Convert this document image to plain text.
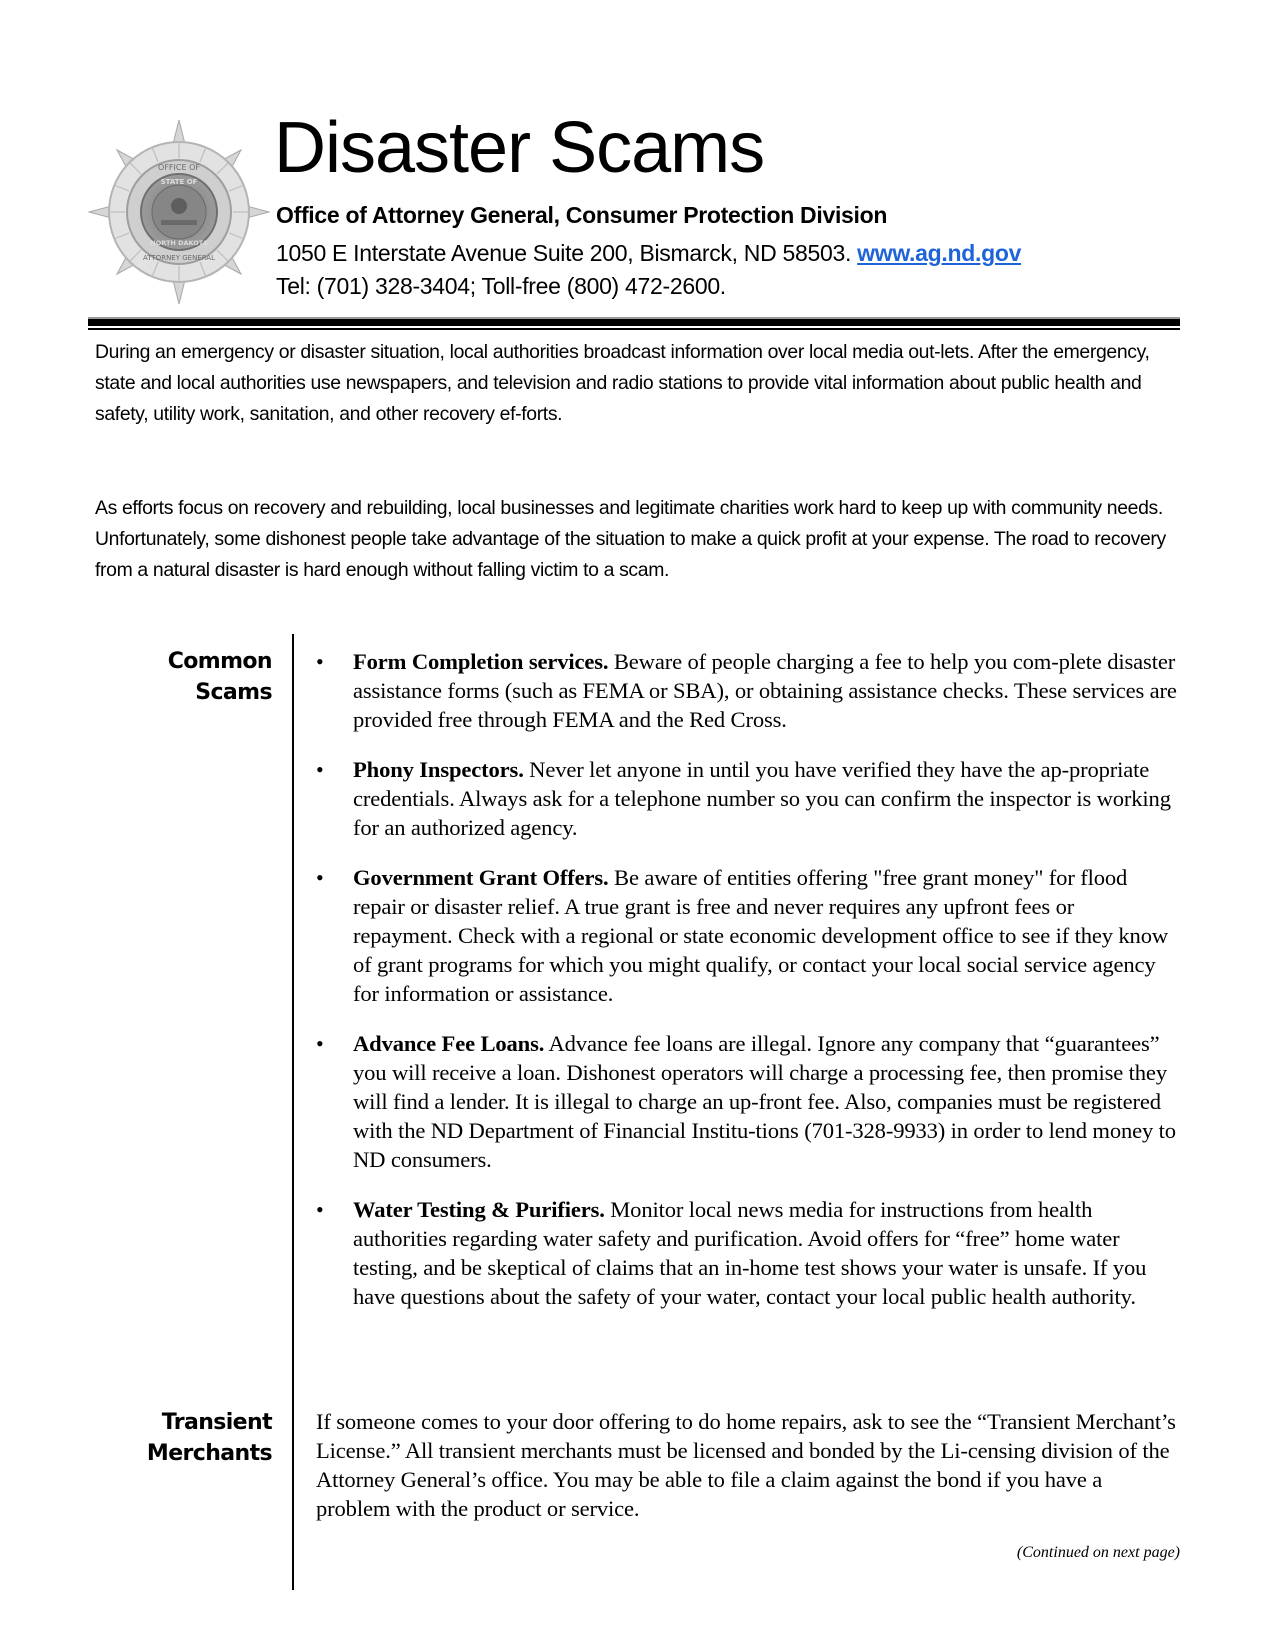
OFFICE OF
STATE OF
NORTH DAKOTA
ATTORNEY GENERAL
Disaster Scams
Office of Attorney General, Consumer Protection Division
1050 E Interstate Avenue Suite 200, Bismarck, ND 58503. www.ag.nd.gov
Tel: (701) 328-3404; Toll-free (800) 472-2600.

During an emergency or disaster situation, local authorities broadcast information over local media out-lets. After the emergency, state and local authorities use newspapers, and television and radio stations to provide vital information about public health and safety, utility work, sanitation, and other recovery ef-forts.

As efforts focus on recovery and rebuilding, local businesses and legitimate charities work hard to keep up with community needs. Unfortunately, some dishonest people take advantage of the situation to make a quick profit at your expense. The road to recovery from a natural disaster is hard enough without falling victim to a scam.

Common
Scams
• Form Completion services. Beware of people charging a fee to help you com-plete disaster assistance forms (such as FEMA or SBA), or obtaining assistance checks. These services are provided free through FEMA and the Red Cross.
• Phony Inspectors. Never let anyone in until you have verified they have the ap-propriate credentials. Always ask for a telephone number so you can confirm the inspector is working for an authorized agency.
• Government Grant Offers. Be aware of entities offering "free grant money" for flood repair or disaster relief. A true grant is free and never requires any upfront fees or repayment. Check with a regional or state economic development office to see if they know of grant programs for which you might qualify, or contact your local social service agency for information or assistance.
• Advance Fee Loans. Advance fee loans are illegal. Ignore any company that “guarantees” you will receive a loan. Dishonest operators will charge a processing fee, then promise they will find a lender. It is illegal to charge an up-front fee. Also, companies must be registered with the ND Department of Financial Institu-tions (701-328-9933) in order to lend money to ND consumers.
• Water Testing & Purifiers. Monitor local news media for instructions from health authorities regarding water safety and purification. Avoid offers for “free” home water testing, and be skeptical of claims that an in-home test shows your water is unsafe. If you have questions about the safety of your water, contact your local public health authority.
Transient
Merchants

If someone comes to your door offering to do home repairs, ask to see the “Transient Merchant’s License.” All transient merchants must be licensed and bonded by the Li-censing division of the Attorney General’s office. You may be able to file a claim against the bond if you have a problem with the product or service.

(Continued on next page)
